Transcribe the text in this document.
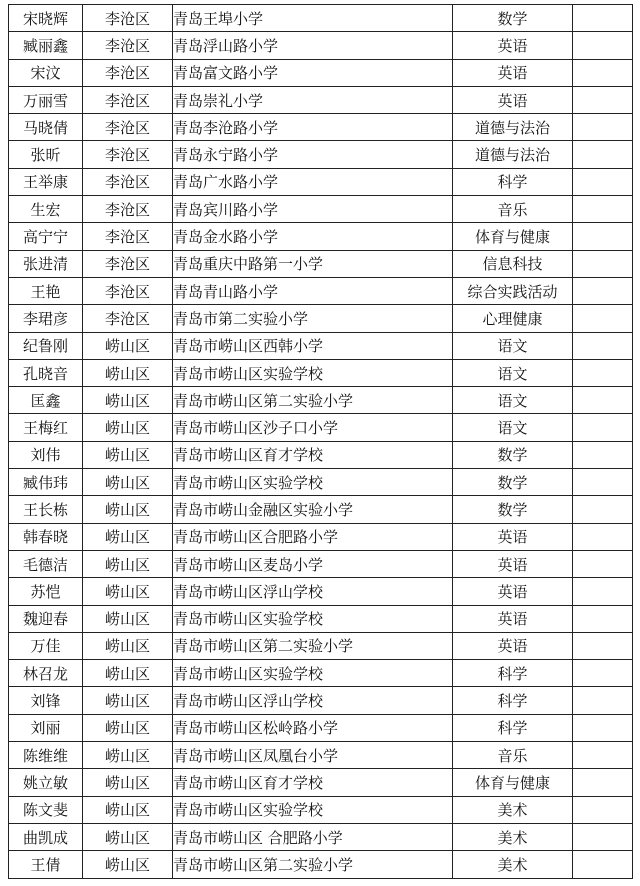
宋晓辉	李沧区	青岛王埠小学	数学	
臧丽鑫	李沧区	青岛浮山路小学	英语	
宋汶	李沧区	青岛富文路小学	英语	
万丽雪	李沧区	青岛崇礼小学	英语	
马晓倩	李沧区	青岛李沧路小学	道德与法治	
张昕	李沧区	青岛永宁路小学	道德与法治	
王举康	李沧区	青岛广水路小学	科学	
生宏	李沧区	青岛宾川路小学	音乐	
高宁宁	李沧区	青岛金水路小学	体育与健康	
张进清	李沧区	青岛重庆中路第一小学	信息科技	
王艳	李沧区	青岛青山路小学	综合实践活动	
李珺彦	李沧区	青岛市第二实验小学	心理健康	
纪鲁刚	崂山区	青岛市崂山区西韩小学	语文	
孔晓音	崂山区	青岛市崂山区实验学校	语文	
匡鑫	崂山区	青岛市崂山区第二实验小学	语文	
王梅红	崂山区	青岛市崂山区沙子口小学	语文	
刘伟	崂山区	青岛市崂山区育才学校	数学	
臧伟玮	崂山区	青岛市崂山区实验学校	数学	
王长栋	崂山区	青岛市崂山金融区实验小学	数学	
韩春晓	崂山区	青岛市崂山区合肥路小学	英语	
毛德洁	崂山区	青岛市崂山区麦岛小学	英语	
苏恺	崂山区	青岛市崂山区浮山学校	英语	
魏迎春	崂山区	青岛市崂山区实验学校	英语	
万佳	崂山区	青岛市崂山区第二实验小学	英语	
林召龙	崂山区	青岛市崂山区实验学校	科学	
刘锋	崂山区	青岛市崂山区浮山学校	科学	
刘丽	崂山区	青岛市崂山区松岭路小学	科学	
陈维维	崂山区	青岛市崂山区凤凰台小学	音乐	
姚立敏	崂山区	青岛市崂山区育才学校	体育与健康	
陈文斐	崂山区	青岛市崂山区实验学校	美术	
曲凯成	崂山区	青岛市崂山区 合肥路小学	美术	
王倩	崂山区	青岛市崂山区第二实验小学	美术	
